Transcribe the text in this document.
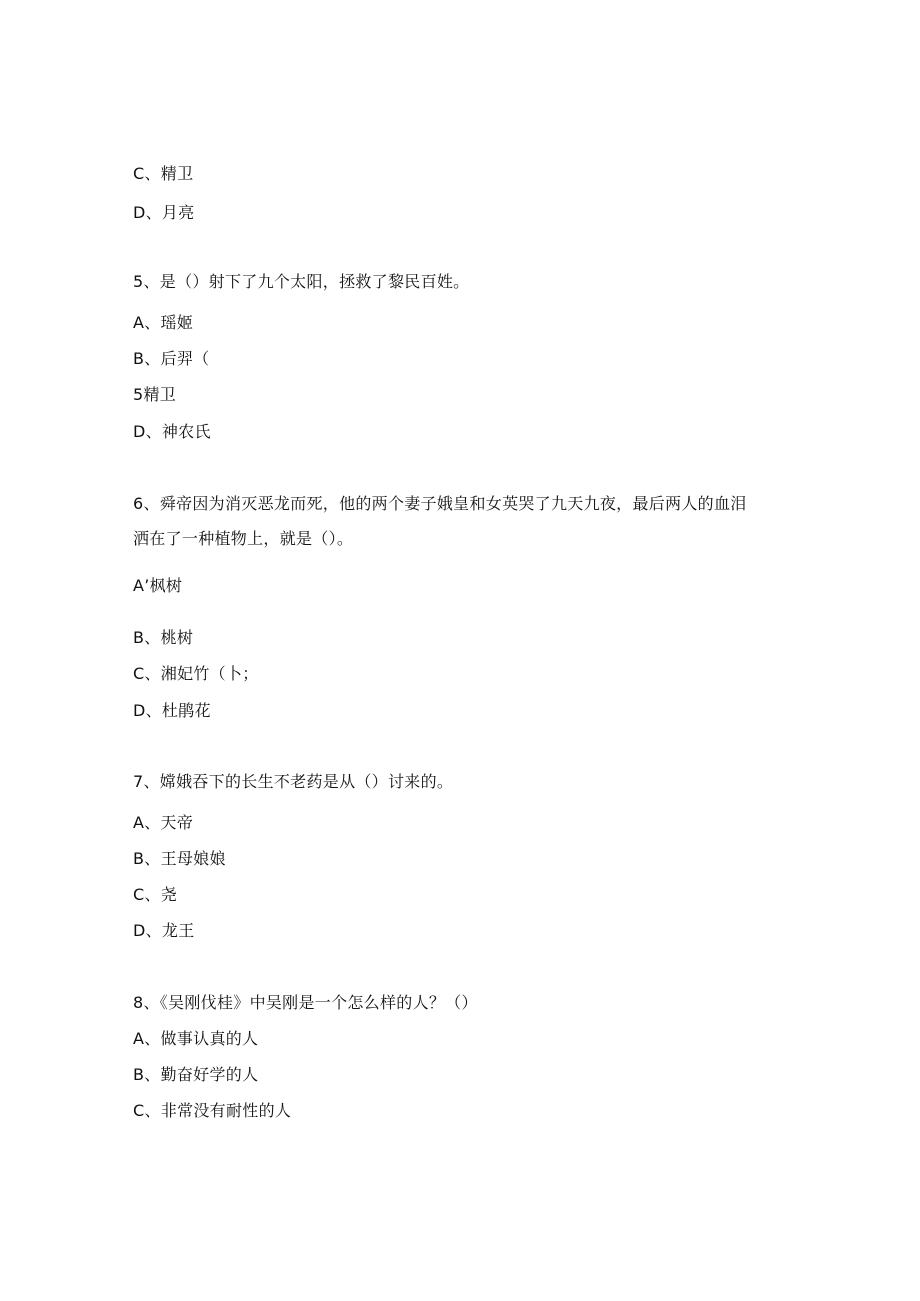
C、精卫
D、月亮
5、是（）射下了九个太阳，拯救了黎民百姓。
A、瑶姬
B、后羿（
5精卫
D、神农氏
6、舜帝因为消灭恶龙而死，他的两个妻子娥皇和女英哭了九天九夜，最后两人的血泪
洒在了一种植物上，就是（）。
A’枫树
B、桃树
C、湘妃竹（卜；
D、杜鹃花
7、嫦娥吞下的长生不老药是从（）讨来的。
A、天帝
B、王母娘娘
C、尧
D、龙王
8、《吴刚伐桂》中吴刚是一个怎么样的人？（）
A、做事认真的人
B、勤奋好学的人
C、非常没有耐性的人
